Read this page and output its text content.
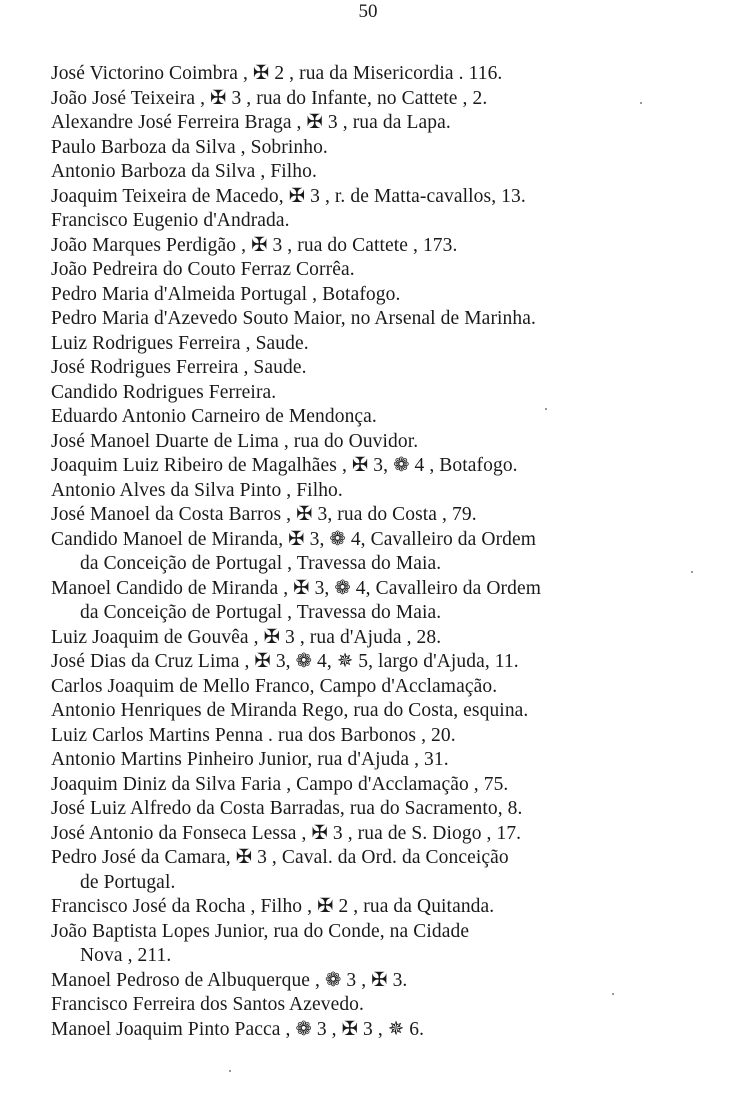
50
José Victorino Coimbra , ✠ 2 , rua da Misericordia . 116.
João José Teixeira , ✠ 3 , rua do Infante, no Cattete , 2.
Alexandre José Ferreira Braga , ✠ 3 , rua da Lapa.
Paulo Barboza da Silva , Sobrinho.
Antonio Barboza da Silva , Filho.
Joaquim Teixeira de Macedo, ✠ 3 , r. de Matta-cavallos, 13.
Francisco Eugenio d'Andrada.
João Marques Perdigão , ✠ 3 , rua do Cattete , 173.
João Pedreira do Couto Ferraz Corrêa.
Pedro Maria d'Almeida Portugal , Botafogo.
Pedro Maria d'Azevedo Souto Maior, no Arsenal de Marinha.
Luiz Rodrigues Ferreira , Saude.
José Rodrigues Ferreira , Saude.
Candido Rodrigues Ferreira.
Eduardo Antonio Carneiro de Mendonça.
José Manoel Duarte de Lima , rua do Ouvidor.
Joaquim Luiz Ribeiro de Magalhães , ✠ 3, ❁ 4 , Botafogo.
Antonio Alves da Silva Pinto , Filho.
José Manoel da Costa Barros , ✠ 3, rua do Costa , 79.
Candido Manoel de Miranda, ✠ 3, ❁ 4, Cavalleiro da Ordem
da Conceição de Portugal , Travessa do Maia.
Manoel Candido de Miranda , ✠ 3, ❁ 4, Cavalleiro da Ordem
da Conceição de Portugal , Travessa do Maia.
Luiz Joaquim de Gouvêa , ✠ 3 , rua d'Ajuda , 28.
José Dias da Cruz Lima , ✠ 3, ❁ 4, ✵ 5, largo d'Ajuda, 11.
Carlos Joaquim de Mello Franco, Campo d'Acclamação.
Antonio Henriques de Miranda Rego, rua do Costa, esquina.
Luiz Carlos Martins Penna . rua dos Barbonos , 20.
Antonio Martins Pinheiro Junior, rua d'Ajuda , 31.
Joaquim Diniz da Silva Faria , Campo d'Acclamação , 75.
José Luiz Alfredo da Costa Barradas, rua do Sacramento, 8.
José Antonio da Fonseca Lessa , ✠ 3 , rua de S. Diogo , 17.
Pedro José da Camara, ✠ 3 , Caval. da Ord. da Conceição
de Portugal.
Francisco José da Rocha , Filho , ✠ 2 , rua da Quitanda.
João Baptista Lopes Junior, rua do Conde, na Cidade
Nova , 211.
Manoel Pedroso de Albuquerque , ❁ 3 , ✠ 3.
Francisco Ferreira dos Santos Azevedo.
Manoel Joaquim Pinto Pacca , ❁ 3 , ✠ 3 , ✵ 6.
